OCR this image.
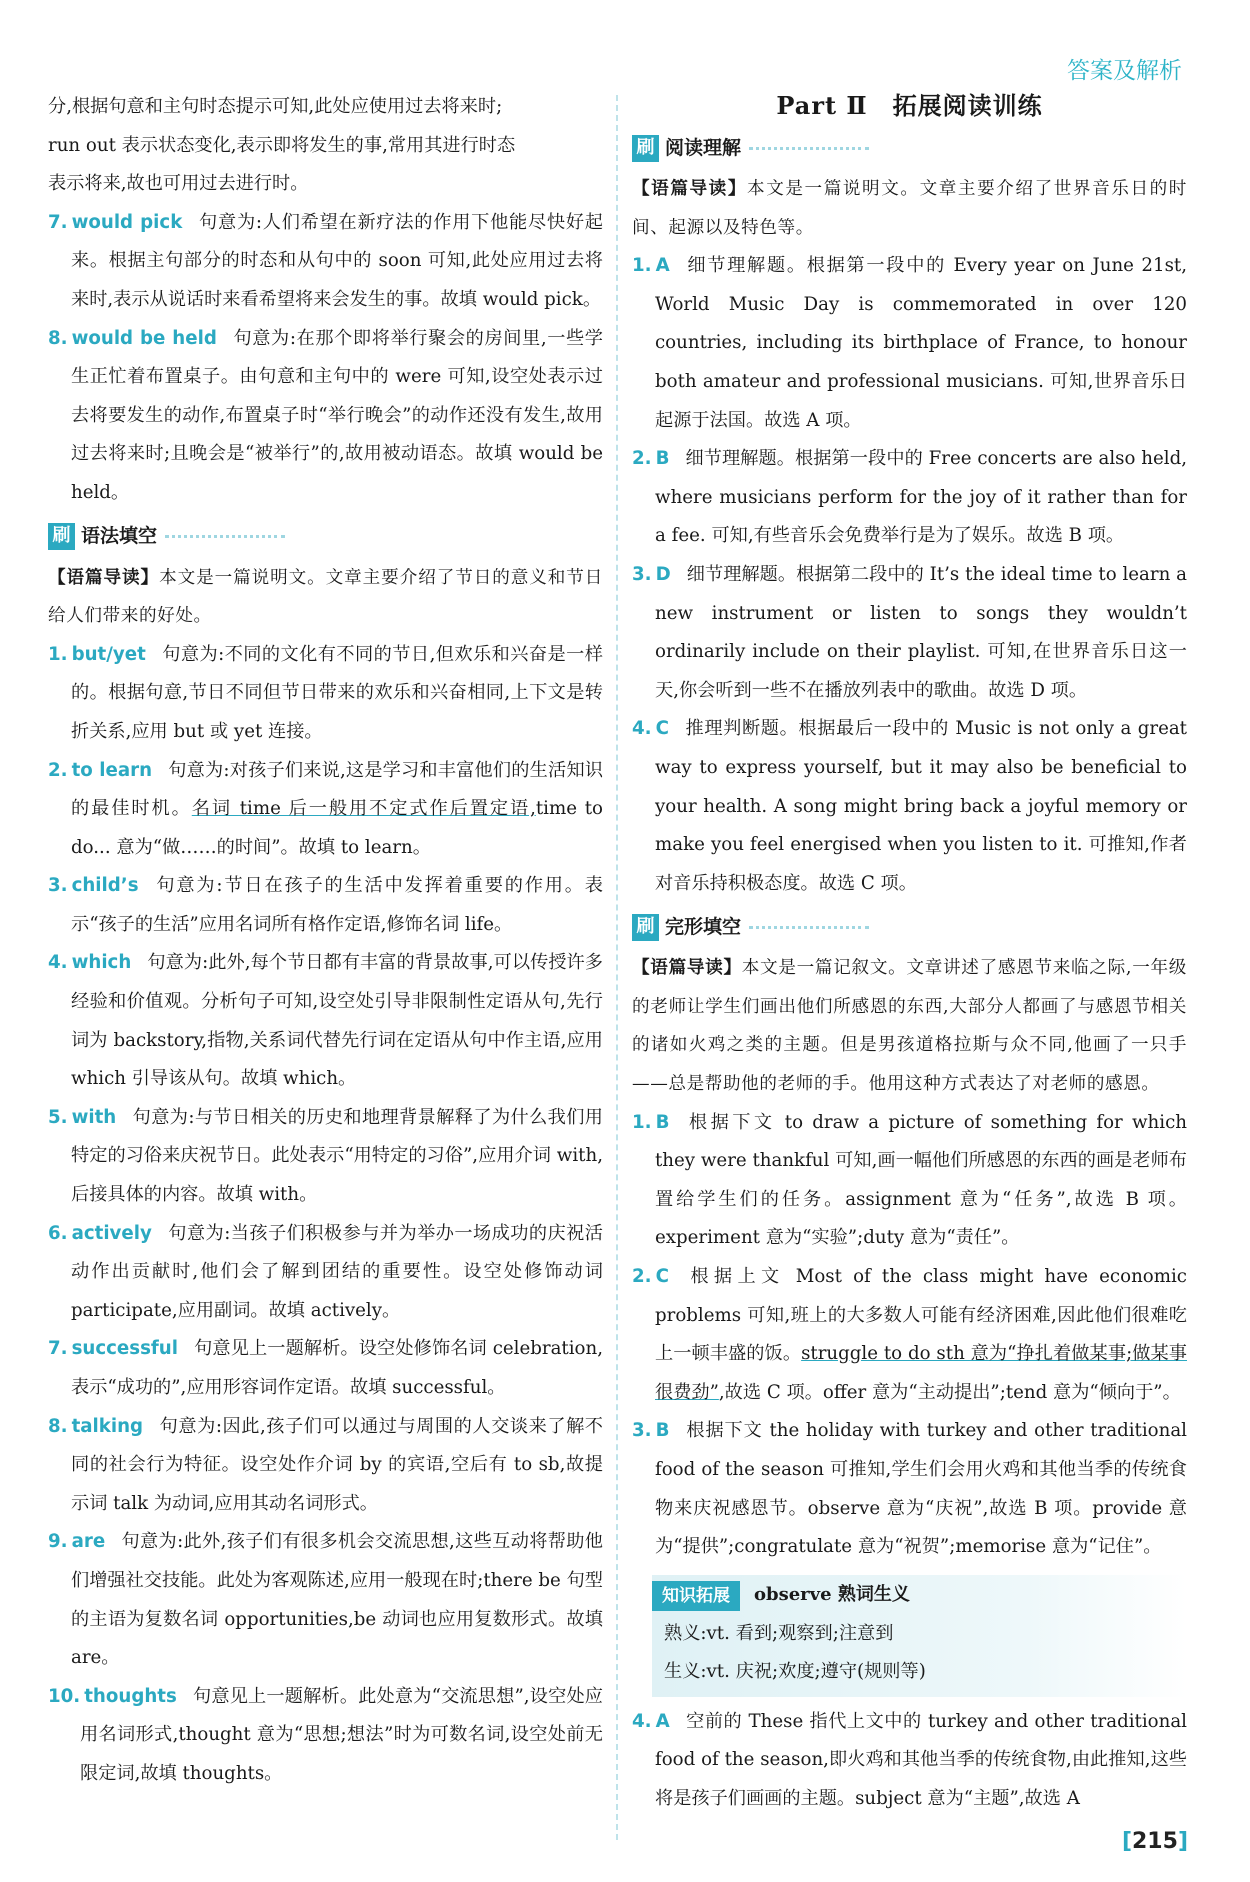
答案及解析

分,根据句意和主句时态提示可知,此处应使用过去将来时;

run out 表示状态变化,表示即将发生的事,常用其进行时态

表示将来,故也可用过去进行时。

7. would pick 句意为:人们希望在新疗法的作用下他能尽快好起来。根据主句部分的时态和从句中的 soon 可知,此处应用过去将来时,表示从说话时来看希望将来会发生的事。故填 would pick。

8. would be held 句意为:在那个即将举行聚会的房间里,一些学生正忙着布置桌子。由句意和主句中的 were 可知,设空处表示过去将要发生的动作,布置桌子时“举行晚会”的动作还没有发生,故用过去将来时;且晚会是“被举行”的,故用被动语态。故填 would be held。

刷 语法填空

【语篇导读】本文是一篇说明文。文章主要介绍了节日的意义和节日给人们带来的好处。

1. but/yet 句意为:不同的文化有不同的节日,但欢乐和兴奋是一样的。根据句意,节日不同但节日带来的欢乐和兴奋相同,上下文是转折关系,应用 but 或 yet 连接。

2. to learn 句意为:对孩子们来说,这是学习和丰富他们的生活知识的最佳时机。名词 time 后一般用不定式作后置定语,time to do... 意为“做……的时间”。故填 to learn。

3. child’s 句意为:节日在孩子的生活中发挥着重要的作用。表示“孩子的生活”应用名词所有格作定语,修饰名词 life。

4. which 句意为:此外,每个节日都有丰富的背景故事,可以传授许多经验和价值观。分析句子可知,设空处引导非限制性定语从句,先行词为 backstory,指物,关系词代替先行词在定语从句中作主语,应用 which 引导该从句。故填 which。

5. with 句意为:与节日相关的历史和地理背景解释了为什么我们用特定的习俗来庆祝节日。此处表示“用特定的习俗”,应用介词 with,后接具体的内容。故填 with。

6. actively 句意为:当孩子们积极参与并为举办一场成功的庆祝活动作出贡献时,他们会了解到团结的重要性。设空处修饰动词 participate,应用副词。故填 actively。

7. successful 句意见上一题解析。设空处修饰名词 celebration,表示“成功的”,应用形容词作定语。故填 successful。

8. talking 句意为:因此,孩子们可以通过与周围的人交谈来了解不同的社会行为特征。设空处作介词 by 的宾语,空后有 to sb,故提示词 talk 为动词,应用其动名词形式。

9. are 句意为:此外,孩子们有很多机会交流思想,这些互动将帮助他们增强社交技能。此处为客观陈述,应用一般现在时;there be 句型的主语为复数名词 opportunities,be 动词也应用复数形式。故填 are。

10. thoughts 句意见上一题解析。此处意为“交流思想”,设空处应用名词形式,thought 意为“思想;想法”时为可数名词,设空处前无限定词,故填 thoughts。

Part Ⅱ　拓展阅读训练
刷 阅读理解

【语篇导读】本文是一篇说明文。文章主要介绍了世界音乐日的时间、起源以及特色等。

1. A 细节理解题。根据第一段中的 Every year on June 21st, World Music Day is commemorated in over 120 countries, including its birthplace of France, to honour both amateur and professional musicians. 可知,世界音乐日起源于法国。故选 A 项。

2. B 细节理解题。根据第一段中的 Free concerts are also held, where musicians perform for the joy of it rather than for a fee. 可知,有些音乐会免费举行是为了娱乐。故选 B 项。

3. D 细节理解题。根据第二段中的 It’s the ideal time to learn a new instrument or listen to songs they wouldn’t ordinarily include on their playlist. 可知,在世界音乐日这一天,你会听到一些不在播放列表中的歌曲。故选 D 项。

4. C 推理判断题。根据最后一段中的 Music is not only a great way to express yourself, but it may also be beneficial to your health. A song might bring back a joyful memory or make you feel energised when you listen to it. 可推知,作者对音乐持积极态度。故选 C 项。

刷 完形填空

【语篇导读】本文是一篇记叙文。文章讲述了感恩节来临之际,一年级的老师让学生们画出他们所感恩的东西,大部分人都画了与感恩节相关的诸如火鸡之类的主题。但是男孩道格拉斯与众不同,他画了一只手——总是帮助他的老师的手。他用这种方式表达了对老师的感恩。

1. B 根据下文 to draw a picture of something for which they were thankful 可知,画一幅他们所感恩的东西的画是老师布置给学生们的任务。assignment 意为“任务”,故选 B 项。experiment 意为“实验”;duty 意为“责任”。

2. C 根据上文 Most of the class might have economic problems 可知,班上的大多数人可能有经济困难,因此他们很难吃上一顿丰盛的饭。struggle to do sth 意为“挣扎着做某事;做某事很费劲”,故选 C 项。offer 意为“主动提出”;tend 意为“倾向于”。

3. B 根据下文 the holiday with turkey and other traditional food of the season 可推知,学生们会用火鸡和其他当季的传统食物来庆祝感恩节。observe 意为“庆祝”,故选 B 项。provide 意为“提供”;congratulate 意为“祝贺”;memorise 意为“记住”。

知识拓展	observe 熟词生义
熟义:vt. 看到;观察到;注意到
生义:vt. 庆祝;欢度;遵守(规则等)

4. A 空前的 These 指代上文中的 turkey and other traditional food of the season,即火鸡和其他当季的传统食物,由此推知,这些将是孩子们画画的主题。subject 意为“主题”,故选 A

[ 215 ]
